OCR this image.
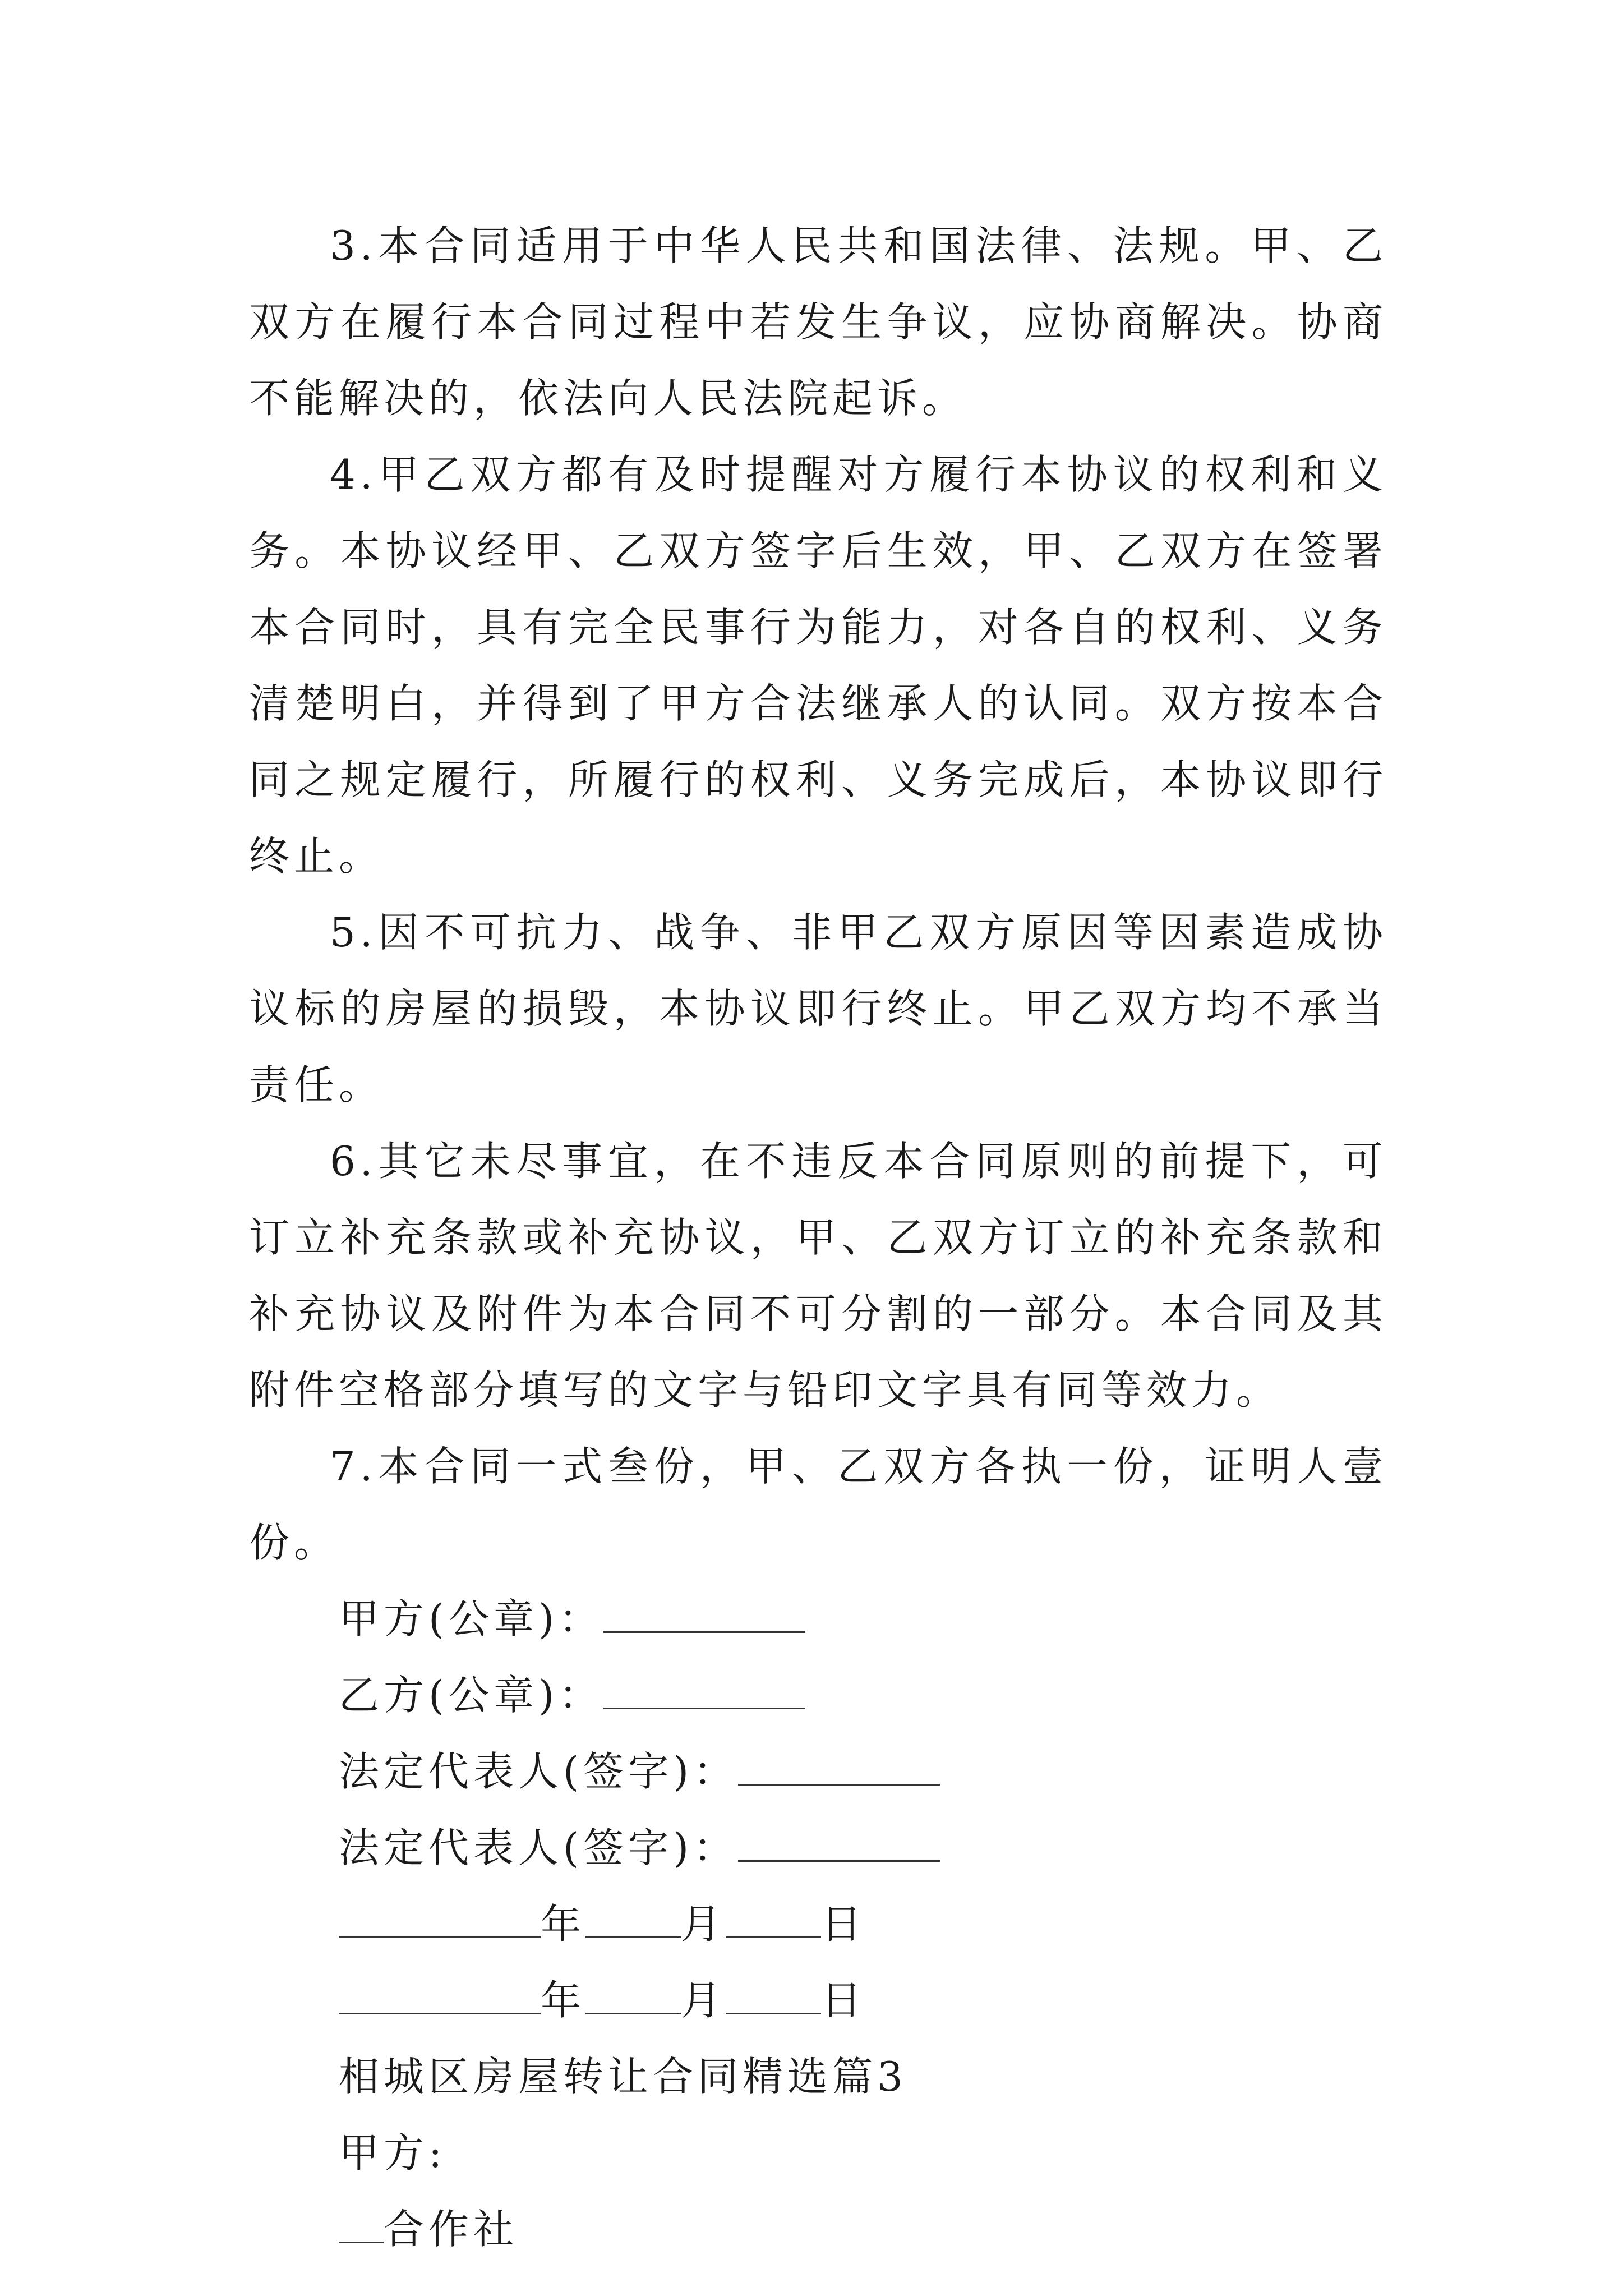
3.本合同适用于中华人民共和国法律、法规。甲、乙双方在履行本合同过程中若发生争议，应协商解决。协商不能解决的，依法向人民法院起诉。

4.甲乙双方都有及时提醒对方履行本协议的权利和义务。本协议经甲、乙双方签字后生效，甲、乙双方在签署本合同时，具有完全民事行为能力，对各自的权利、义务清楚明白，并得到了甲方合法继承人的认同。双方按本合同之规定履行，所履行的权利、义务完成后，本协议即行终止。

5.因不可抗力、战争、非甲乙双方原因等因素造成协议标的房屋的损毁，本协议即行终止。甲乙双方均不承当责任。

6.其它未尽事宜，在不违反本合同原则的前提下，可订立补充条款或补充协议，甲、乙双方订立的补充条款和补充协议及附件为本合同不可分割的一部分。本合同及其附件空格部分填写的文字与铅印文字具有同等效力。

7.本合同一式叁份，甲、乙双方各执一份，证明人壹份。

甲方(公章)：
乙方(公章)：
法定代表人(签字)：
法定代表人(签字)：
年 月 日
年 月 日
相城区房屋转让合同精选篇3
甲方:
合作社
